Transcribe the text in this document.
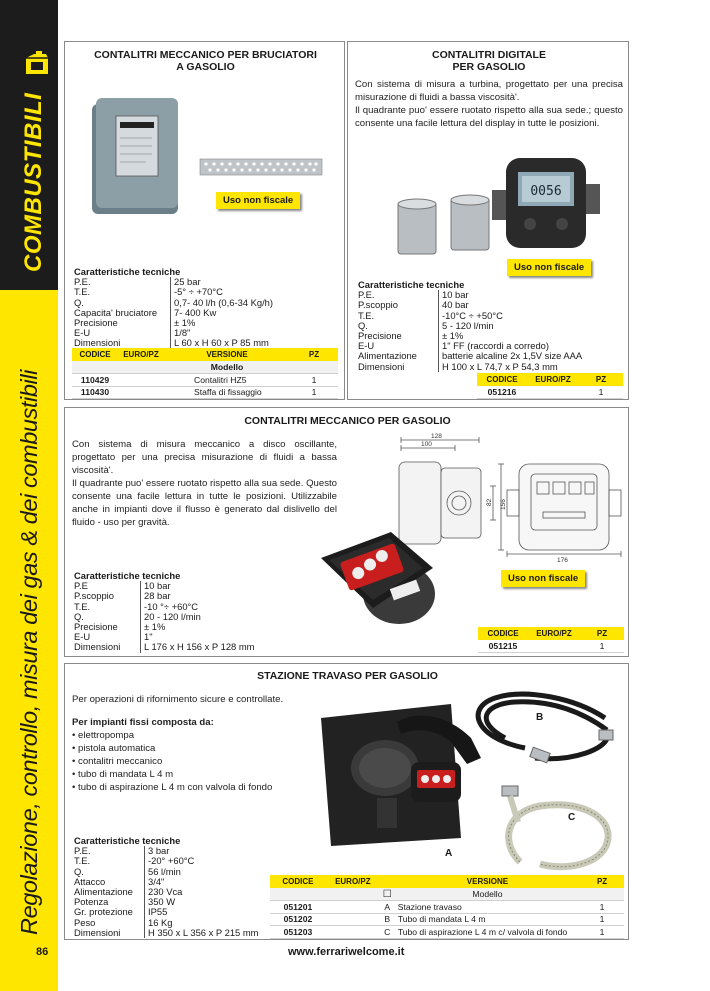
COMBUSTIBILI
Regolazione, controllo, misura dei gas & dei combustibili
86
CONTALITRI MECCANICO PER BRUCIATORI
A GASOLIO
Uso non fiscale
Caratteristiche tecniche
P.E.	25 bar
T.E.	-5° ÷ +70°C
Q.	0,7- 40 l/h (0,6-34 Kg/h)
Capacita' bruciatore	7- 400 Kw
Precisione	± 1%
E-U	1/8"
Dimensioni	L 60 x H 60 x P 85 mm
CODICE	EURO/PZ	VERSIONE	PZ
		Modello	
110429		Contalitri HZ5	1
110430		Staffa di fissaggio	1
CONTALITRI DIGITALE
PER GASOLIO

Con sistema di misura a turbina, progettato per una precisa misurazione di fluidi a bassa viscosità'.

Il quadrante puo' essere ruotato rispetto alla sua sede.; questo consente una facile lettura del display in tutte le posizioni.

0056
Uso non fiscale
Caratteristiche tecniche
P.E.	10 bar
P.scoppio	40 bar
T.E.	-10°C ÷ +50°C
Q.	5 - 120 l/min
Precisione	± 1%
E-U	1" FF (raccordi a corredo)
Alimentazione	batterie alcaline 2x 1,5V size AAA
Dimensioni	H 100 x L 74,7 x P 54,3 mm
CODICE	EURO/PZ	PZ
051216		1
CONTALITRI MECCANICO PER GASOLIO

Con sistema di misura meccanico a disco oscillante, progettato per una precisa misurazione di fluidi a bassa viscosità'.

Il quadrante puo' essere ruotato rispetto alla sua sede. Questo consente una facile lettura in tutte le posizioni. Utilizzabile anche in impianti dove il flusso è generato dal dislivello del fluido - uso per gravità.

128
100
156
82
176
Uso non fiscale
Caratteristiche tecniche
P.E	10 bar
P.scoppio	28 bar
T.E.	-10 °÷ +60°C
Q.	20 - 120 l/min
Precisione	± 1%
E-U	1"
Dimensioni	L 176 x H 156 x P 128 mm
CODICE	EURO/PZ	PZ
051215		1
STAZIONE TRAVASO PER GASOLIO
Per operazioni di rifornimento sicure e controllate.
Per impianti fissi composta da:
• elettropompa
• pistola automatica
• contalitri meccanico
• tubo di mandata L 4 m
• tubo di aspirazione L 4 m con valvola di fondo
A
B
C
Caratteristiche tecniche
P.E.	3 bar
T.E.	-20° +60°C
Q.	56 l/min
Attacco	3/4"
Alimentazione	230 Vca
Potenza	350 W
Gr. protezione	IP55
Peso	16 Kg
Dimensioni	H 350 x L 356 x P 215 mm
CODICE	EURO/PZ		VERSIONE	PZ
		☐	Modello	
051201		A	Stazione travaso	1
051202		B	Tubo di mandata L 4 m	1
051203		C	Tubo di aspirazione L 4 m c/ valvola di fondo	1
www.ferrariwelcome.it
